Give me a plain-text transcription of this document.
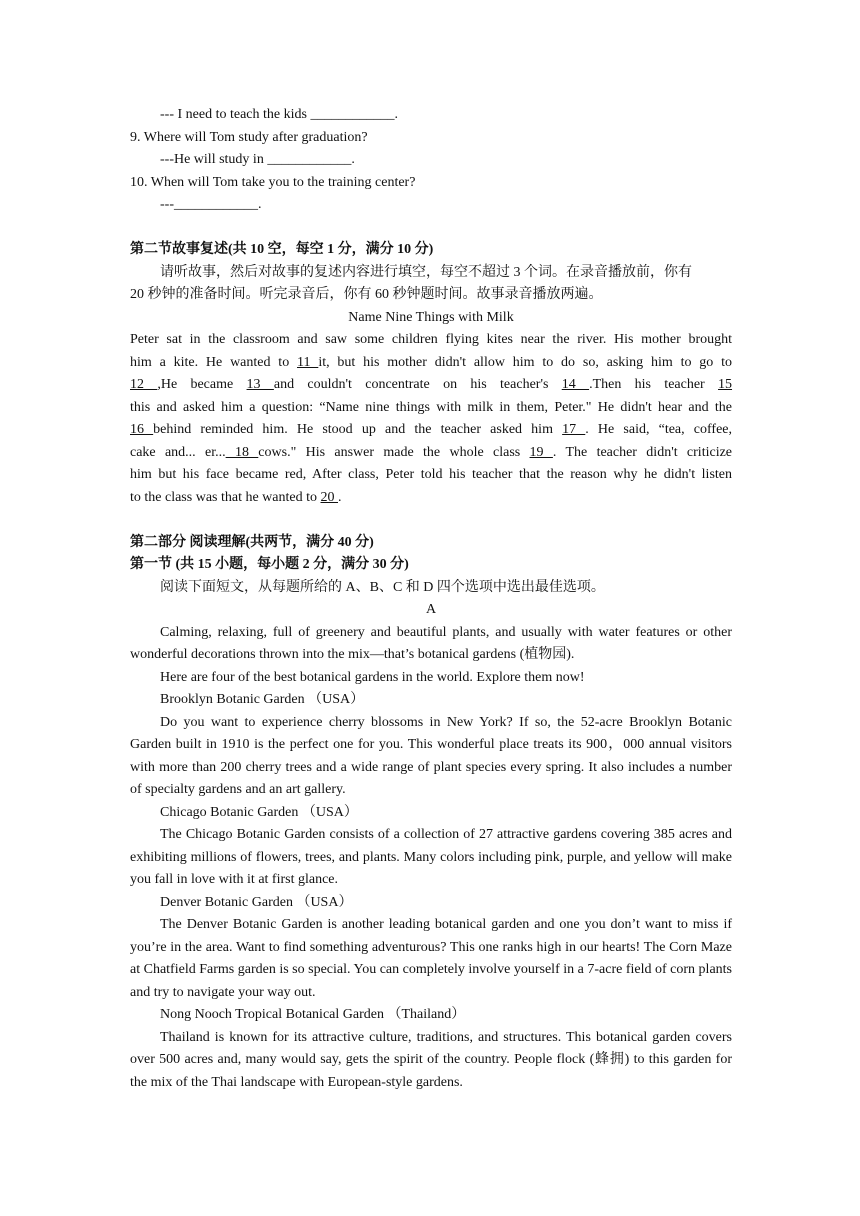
--- I need to teach the kids ____________.
9. Where will Tom study after graduation?
---He will study in ____________.
10. When will Tom take you to the training center?
---____________.
第二节故事复述(共 10 空，每空 1 分，满分 10 分)
请听故事，然后对故事的复述内容进行填空，每空不超过 3 个词。在录音播放前，你有
20 秒钟的准备时间。听完录音后，你有 60 秒钟题时间。故事录音播放两遍。
Name Nine Things with Milk
Peter sat in the classroom and saw some children flying kites near the river. His mother brought
him a kite. He wanted to 11 it, but his mother didn't allow him to do so, asking him to go to
12 ,He became 13 and couldn't concentrate on his teacher's 14 .Then his teacher 15
this and asked him a question: “Name nine things with milk in them, Peter." He didn't hear and the
16 behind reminded him. He stood up and the teacher asked him 17 . He said, “tea, coffee,
cake and... er... 18 cows." His answer made the whole class 19 . The teacher didn't criticize
him but his face became red, After class, Peter told his teacher that the reason why he didn't listen
to the class was that he wanted to 20 .
第二部分 阅读理解(共两节，满分 40 分)
第一节 (共 15 小题，每小题 2 分，满分 30 分)
阅读下面短文，从每题所给的 A、B、C 和 D 四个选项中选出最佳选项。
A
Calming, relaxing, full of greenery and beautiful plants, and usually with water features or other wonderful decorations thrown into the mix—that’s botanical gardens (植物园).
Here are four of the best botanical gardens in the world. Explore them now!
Brooklyn Botanic Garden （USA）
Do you want to experience cherry blossoms in New York? If so, the 52-acre Brooklyn Botanic Garden built in 1910 is the perfect one for you. This wonderful place treats its 900，000 annual visitors with more than 200 cherry trees and a wide range of plant species every spring. It also includes a number of specialty gardens and an art gallery.
Chicago Botanic Garden （USA）
The Chicago Botanic Garden consists of a collection of 27 attractive gardens covering 385 acres and exhibiting millions of flowers, trees, and plants. Many colors including pink, purple, and yellow will make you fall in love with it at first glance.
Denver Botanic Garden （USA）
The Denver Botanic Garden is another leading botanical garden and one you don’t want to miss if you’re in the area. Want to find something adventurous? This one ranks high in our hearts! The Corn Maze at Chatfield Farms garden is so special. You can completely involve yourself in a 7-acre field of corn plants and try to navigate your way out.
Nong Nooch Tropical Botanical Garden （Thailand）
Thailand is known for its attractive culture, traditions, and structures. This botanical garden covers over 500 acres and, many would say, gets the spirit of the country. People flock (蜂拥) to this garden for the mix of the Thai landscape with European-style gardens.
